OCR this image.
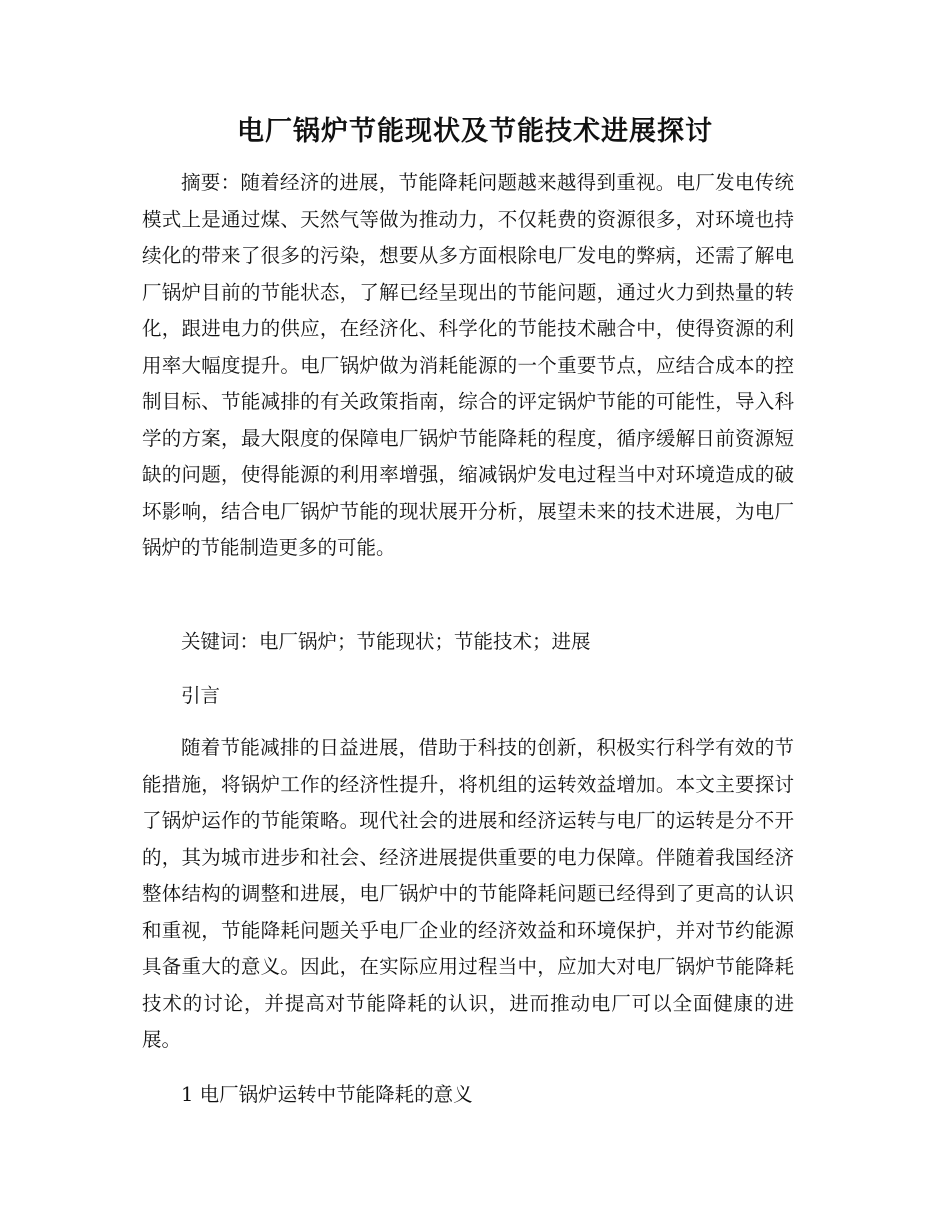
电厂锅炉节能现状及节能技术进展探讨

摘要：随着经济的进展，节能降耗问题越来越得到重视。电厂发电传统模式上是通过煤、天然气等做为推动力，不仅耗费的资源很多，对环境也持续化的带来了很多的污染，想要从多方面根除电厂发电的弊病，还需了解电厂锅炉目前的节能状态，了解已经呈现出的节能问题，通过火力到热量的转化，跟进电力的供应，在经济化、科学化的节能技术融合中，使得资源的利用率大幅度提升。电厂锅炉做为消耗能源的一个重要节点，应结合成本的控制目标、节能减排的有关政策指南，综合的评定锅炉节能的可能性，导入科学的方案，最大限度的保障电厂锅炉节能降耗的程度，循序缓解日前资源短缺的问题，使得能源的利用率增强，缩减锅炉发电过程当中对环境造成的破坏影响，结合电厂锅炉节能的现状展开分析，展望未来的技术进展，为电厂锅炉的节能制造更多的可能。

关键词：电厂锅炉；节能现状；节能技术；进展

引言

随着节能减排的日益进展，借助于科技的创新，积极实行科学有效的节能措施，将锅炉工作的经济性提升，将机组的运转效益增加。本文主要探讨了锅炉运作的节能策略。现代社会的进展和经济运转与电厂的运转是分不开的，其为城市进步和社会、经济进展提供重要的电力保障。伴随着我国经济整体结构的调整和进展，电厂锅炉中的节能降耗问题已经得到了更高的认识和重视，节能降耗问题关乎电厂企业的经济效益和环境保护，并对节约能源具备重大的意义。因此，在实际应用过程当中，应加大对电厂锅炉节能降耗技术的讨论，并提高对节能降耗的认识，进而推动电厂可以全面健康的进展。

1 电厂锅炉运转中节能降耗的意义
